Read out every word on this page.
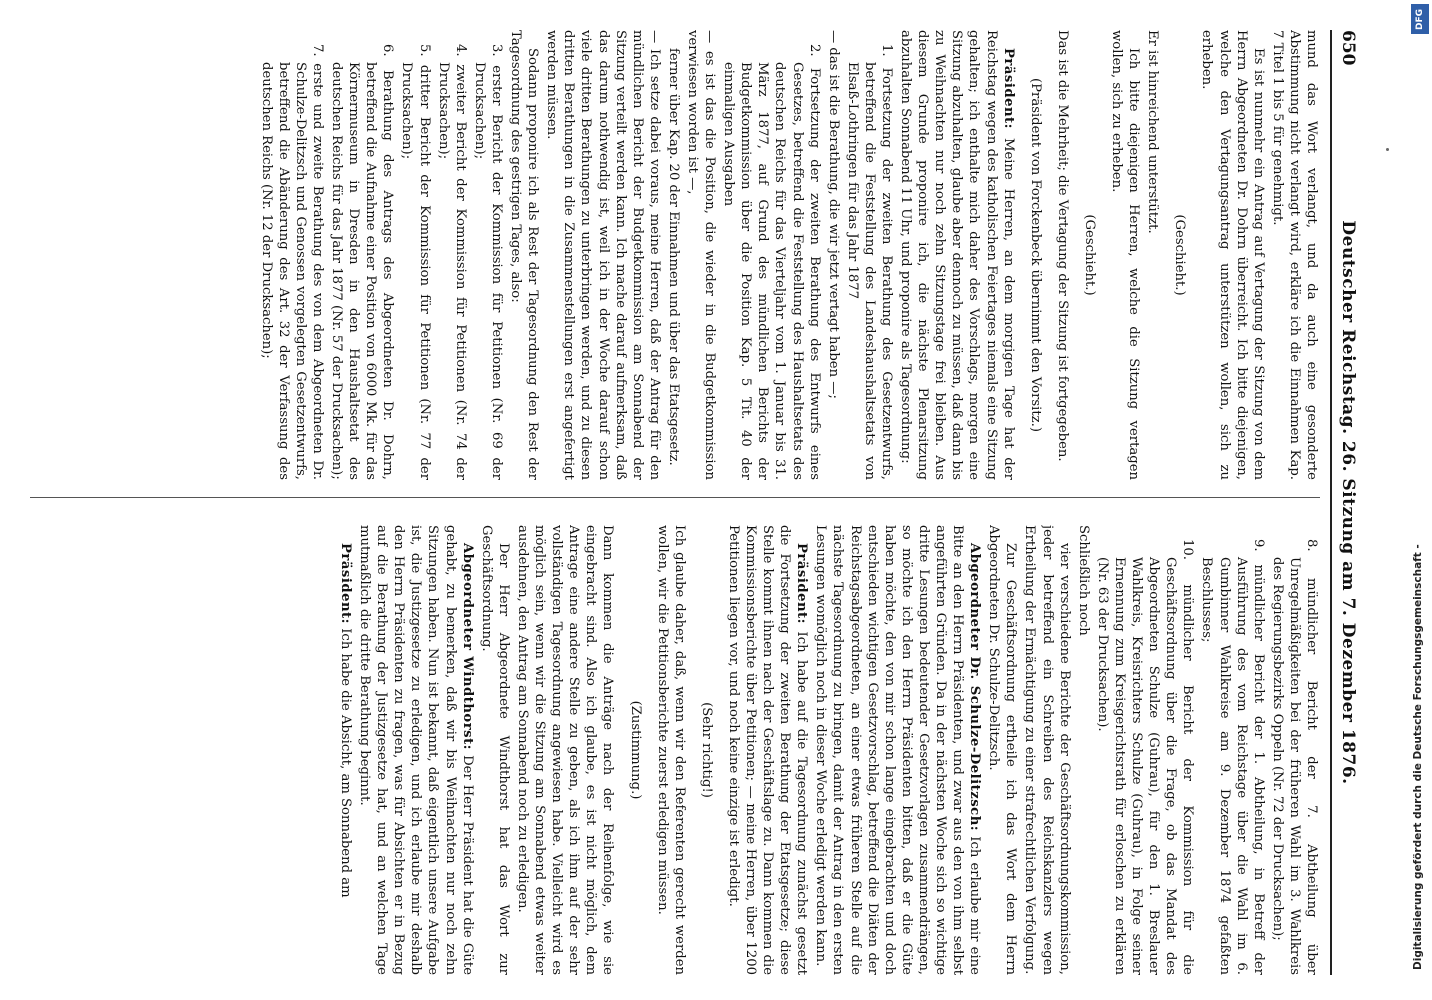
650
Deutscher Reichstag. 26. Sitzung am 7. Dezember 1876.

mund das Wort verlangt, und da auch eine gesonderte Abstimmung nicht verlangt wird, erkläre ich die Einnahmen Kap. 7 Titel 1 bis 5 für genehmigt.

Es ist nunmehr ein Antrag auf Vertagung der Sitzung von dem Herrn Abgeordneten Dr. Dohrn überreicht. Ich bitte diejenigen, welche den Vertagungsantrag unterstützen wollen, sich zu erheben.

(Geschieht.)

Er ist hinreichend unterstützt.

Ich bitte diejenigen Herren, welche die Sitzung vertagen wollen, sich zu erheben.

(Geschieht.)

Das ist die Mehrheit; die Vertagung der Sitzung ist fortgegeben.

(Präsident von Forckenbeck übernimmt den Vorsitz.)

Präsident: Meine Herren, an dem morgigen Tage hat der Reichstag wegen des katholischen Feiertages niemals eine Sitzung gehalten; ich enthalte mich daher des Vorschlags, morgen eine Sitzung abzuhalten, glaube aber dennoch zu müssen, daß dann bis zu Weihnachten nur noch zehn Sitzungstage frei bleiben. Aus diesem Grunde proponire ich, die nächste Plenarsitzung abzuhalten Sonnabend 11 Uhr, und proponire als Tagesordnung:

1. Fortsetzung der zweiten Berathung des Gesetzentwurfs, betreffend die Feststellung des Landeshaushaltsetats von Elsaß-Lothringen für das Jahr 1877

— das ist die Berathung, die wir jetzt vertagt haben —;

2. Fortsetzung der zweiten Berathung des Entwurfs eines Gesetzes, betreffend die Feststellung des Haushaltsetats des deutschen Reichs für das Vierteljahr vom 1. Januar bis 31. März 1877, auf Grund des mündlichen Berichts der Budgetkommission über die Position Kap. 5 Tit. 40 der einmaligen Ausgaben

— es ist das die Position, die wieder in die Budgetkommission verwiesen worden ist —,

ferner über Kap. 20 der Einnahmen und über das Etatsgesetz.

— Ich setze dabei voraus, meine Herren, daß der Antrag für den mündlichen Bericht der Budgetkommission am Sonnabend der Sitzung verteilt werden kann. Ich mache darauf aufmerksam, daß das darum nothwendig ist, weil ich in der Woche darauf schon viele dritten Berathungen zu unterbringen werden, und zu diesen dritten Berathungen in die Zusammenstellungen erst angefertigt werden müssen.

Sodann proponire ich als Rest der Tagesordnung den Rest der Tagesordnung des gestrigen Tages, also:

3. erster Bericht der Kommission für Petitionen (Nr. 69 der Drucksachen);

4. zweiter Bericht der Kommission für Petitionen (Nr. 74 der Drucksachen);

5. dritter Bericht der Kommission für Petitionen (Nr. 77 der Drucksachen);

6. Berathung des Antrags des Abgeordneten Dr. Dohrn, betreffend die Aufnahme einer Position von 6000 Mk. für das Körnermuseum in Dresden in den Haushaltsetat des deutschen Reichs für das Jahr 1877 (Nr. 57 der Drucksachen);

7. erste und zweite Berathung des von dem Abgeordneten Dr. Schulze-Delitzsch und Genossen vorgelegten Gesetzentwurfs, betreffend die Abänderung des Art. 32 der Verfassung des deutschen Reichs (Nr. 12 der Drucksachen);

8. mündlicher Bericht der 7. Abtheilung über Unregelmäßigkeiten bei der früheren Wahl im 3. Wahlkreis des Regierungsbezirks Oppeln (Nr. 72 der Drucksachen);

9. mündlicher Bericht der 1. Abtheilung, in Betreff der Ausführung des vom Reichstage über die Wahl im 6. Gumbinner Wahlkreise am 9. Dezember 1874 gefaßten Beschlusses;

10. mündlicher Bericht der Kommission für die Geschäftsordnung über die Frage, ob das Mandat des Abgeordneten Schulze (Guhrau), für den 1. Breslauer Wahlkreis, Kreisrichters Schulze (Guhrau), in Folge seiner Ernennung zum Kreisgerichtsrath für erloschen zu erklären (Nr. 63 der Drucksachen).

Schließlich noch

vier verschiedene Berichte der Geschäftsordnungskommission, jeder betreffend ein Schreiben des Reichskanzlers wegen Ertheilung der Ermächtigung zu einer strafrechtlichen Verfolgung.

Zur Geschäftsordnung ertheile ich das Wort dem Herrn Abgeordneten Dr. Schulze-Delitzsch.

Abgeordneter Dr. Schulze-Delitzsch: Ich erlaube mir eine Bitte an den Herrn Präsidenten, und zwar aus den von ihm selbst angeführten Gründen. Da in der nächsten Woche sich so wichtige dritte Lesungen bedeutender Gesetzvorlagen zusammendrängen, so möchte ich den Herrn Präsidenten bitten, daß er die Güte haben möchte, den von mir schon lange eingebrachten und doch entschieden wichtigen Gesetzvorschlag, betreffend die Diäten der Reichstagsabgeordneten, an einer etwas früheren Stelle auf die nächste Tagesordnung zu bringen, damit der Antrag in den ersten Lesungen womöglich noch in dieser Woche erledigt werden kann.

Präsident: Ich habe auf die Tagesordnung zunächst gesetzt die Fortsetzung der zweiten Berathung der Etatsgesetze; diese Stelle kommt ihnen nach der Geschäftslage zu. Dann kommen die Kommissionsberichte über Petitionen; — meine Herren, über 1200 Petitionen liegen vor, und noch keine einzige ist erledigt.

(Sehr richtig!)

Ich glaube daher, daß, wenn wir den Referenten gerecht werden wollen, wir die Petitionsberichte zuerst erledigen müssen.

(Zustimmung.)

Dann kommen die Anträge nach der Reihenfolge, wie sie eingebracht sind. Also ich glaube, es ist nicht möglich, dem Antrage eine andere Stelle zu geben, als ich ihm auf der sehr vollständigen Tagesordnung angewiesen habe. Vielleicht wird es möglich sein, wenn wir die Sitzung am Sonnabend etwas weiter ausdehnen, den Antrag am Sonnabend noch zu erledigen.

Der Herr Abgeordnete Windthorst hat das Wort zur Geschäftsordnung.

Abgeordneter Windthorst: Der Herr Präsident hat die Güte gehabt, zu bemerken, daß wir bis Weihnachten nur noch zehn Sitzungen haben. Nun ist bekannt, daß eigentlich unsere Aufgabe ist, die Justizgesetze zu erledigen, und ich erlaube mir deshalb den Herrn Präsidenten zu fragen, was für Absichten er in Bezug auf die Berathung der Justizgesetze hat, und an welchen Tage mutmaßlich die dritte Berathung beginnt.

Präsident: Ich habe die Absicht, am Sonnabend am	Digitalisierung gefördert durch die Deutsche Forschungsgemeinschaft -
DFG
